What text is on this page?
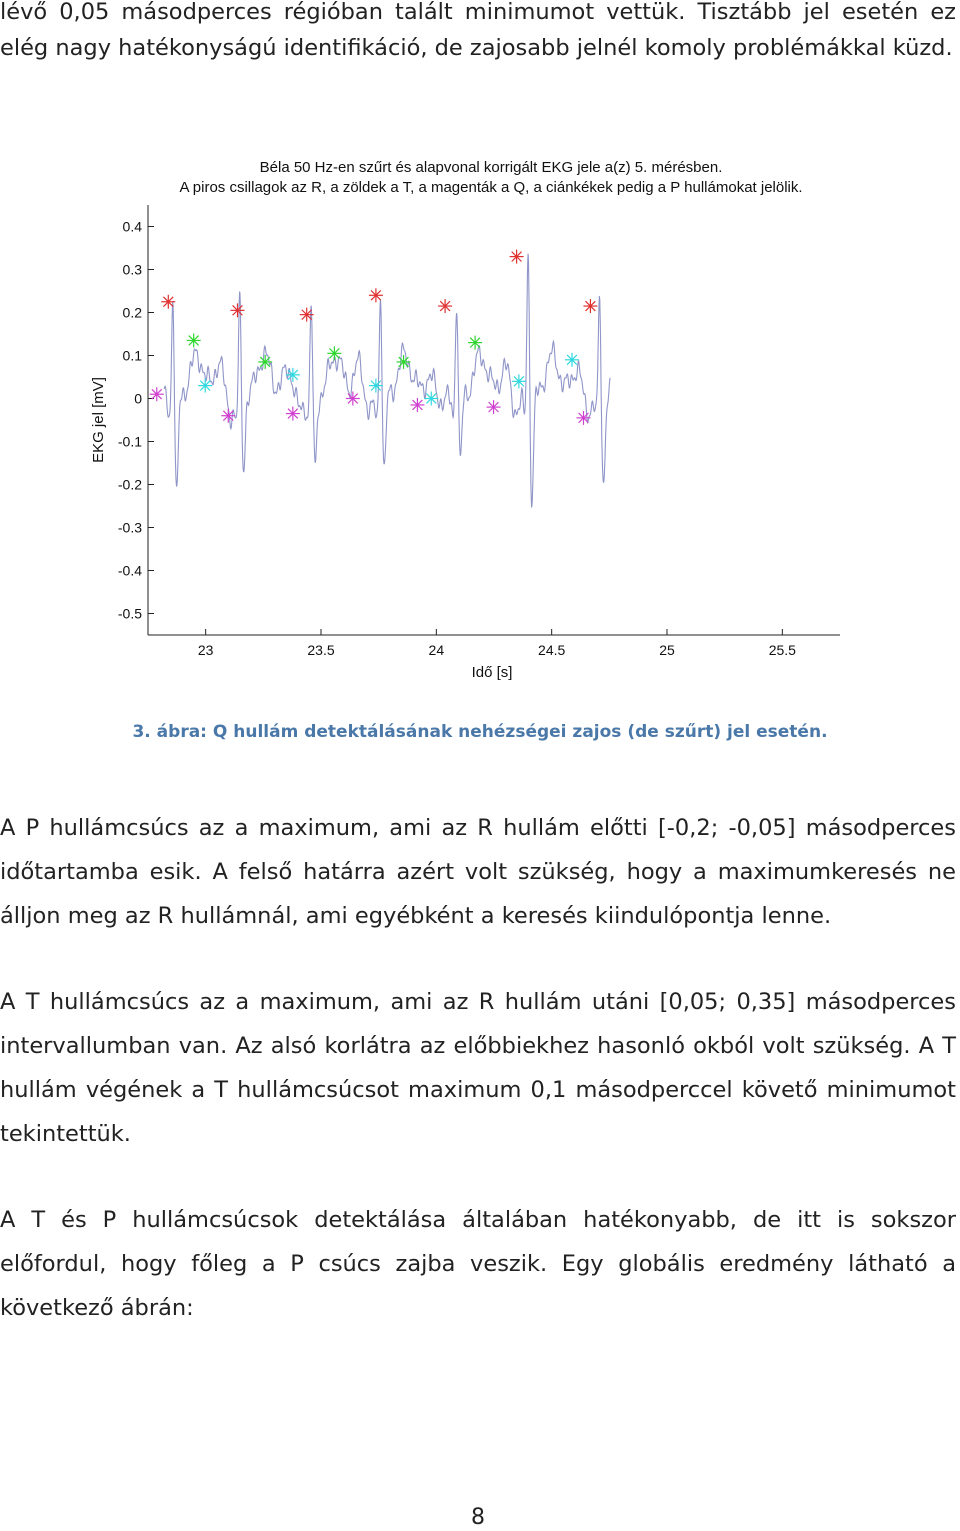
lévő 0,05 másodperces régióban talált minimumot vettük. Tisztább jel esetén ez elég nagy hatékonyságú identifikáció, de zajosabb jelnél komoly problémákkal küzd.

Béla 50 Hz-en szűrt és alapvonal korrigált EKG jele a(z) 5. mérésben.
A piros csillagok az R, a zöldek a T, a magenták a Q, a ciánkékek pedig a P hullámokat jelölik.
EKG jel [mV]
Idő [s]
0.4
0.3
0.2
0.1
0
-0.1
-0.2
-0.3
-0.4
-0.5
23	23.5	24	24.5	25	25.5
3. ábra: Q hullám detektálásának nehézségei zajos (de szűrt) jel esetén.

A P hullámcsúcs az a maximum, ami az R hullám előtti [-0,2; -0,05] másodperces időtartamba esik. A felső határra azért volt szükség, hogy a maximumkeresés ne álljon meg az R hullámnál, ami egyébként a keresés kiindulópontja lenne.

A T hullámcsúcs az a maximum, ami az R hullám utáni [0,05; 0,35] másodperces intervallumban van. Az alsó korlátra az előbbiekhez hasonló okból volt szükség. A T hullám végének a T hullámcsúcsot maximum 0,1 másodperccel követő minimumot tekintettük.

A T és P hullámcsúcsok detektálása általában hatékonyabb, de itt is sokszor előfordul, hogy főleg a P csúcs zajba veszik. Egy globális eredmény látható a következő ábrán:

8
